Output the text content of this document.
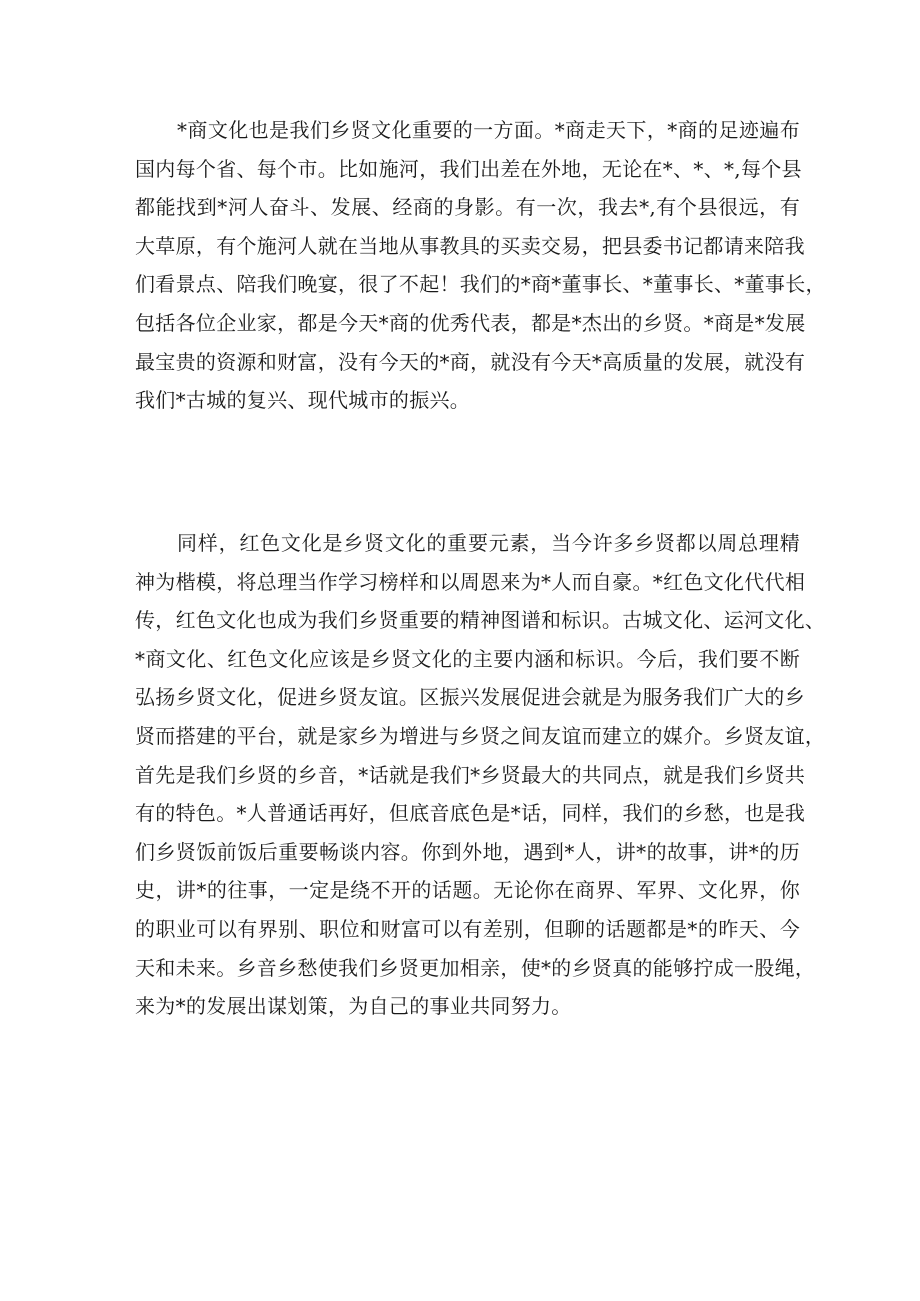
*商文化也是我们乡贤文化重要的一方面。*商走天下，*商的足迹遍布
国内每个省、每个市。比如施河，我们出差在外地，无论在*、*、*,每个县
都能找到*河人奋斗、发展、经商的身影。有一次，我去*,有个县很远，有
大草原，有个施河人就在当地从事教具的买卖交易，把县委书记都请来陪我
们看景点、陪我们晚宴，很了不起！我们的*商*董事长、*董事长、*董事长，
包括各位企业家，都是今天*商的优秀代表，都是*杰出的乡贤。*商是*发展
最宝贵的资源和财富，没有今天的*商，就没有今天*高质量的发展，就没有
我们*古城的复兴、现代城市的振兴。
同样，红色文化是乡贤文化的重要元素，当今许多乡贤都以周总理精
神为楷模，将总理当作学习榜样和以周恩来为*人而自豪。*红色文化代代相
传，红色文化也成为我们乡贤重要的精神图谱和标识。古城文化、运河文化、
*商文化、红色文化应该是乡贤文化的主要内涵和标识。今后，我们要不断
弘扬乡贤文化，促进乡贤友谊。区振兴发展促进会就是为服务我们广大的乡
贤而搭建的平台，就是家乡为增进与乡贤之间友谊而建立的媒介。乡贤友谊，
首先是我们乡贤的乡音，*话就是我们*乡贤最大的共同点，就是我们乡贤共
有的特色。*人普通话再好，但底音底色是*话，同样，我们的乡愁，也是我
们乡贤饭前饭后重要畅谈内容。你到外地，遇到*人，讲*的故事，讲*的历
史，讲*的往事，一定是绕不开的话题。无论你在商界、军界、文化界，你
的职业可以有界别、职位和财富可以有差别，但聊的话题都是*的昨天、今
天和未来。乡音乡愁使我们乡贤更加相亲，使*的乡贤真的能够拧成一股绳，
来为*的发展出谋划策，为自己的事业共同努力。
